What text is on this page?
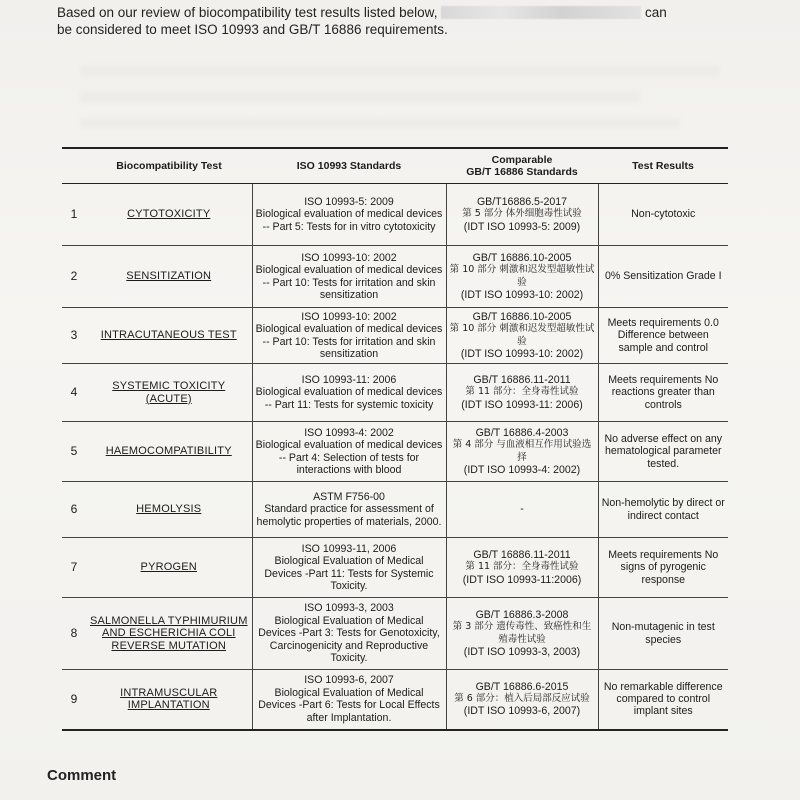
Based on our review of biocompatibility test results listed below,	can
be considered to meet ISO 10993 and GB/T 16886 requirements.
	Biocompatibility Test	ISO 10993 Standards	Comparable
GB/T 16886 Standards	Test Results
1	CYTOTOXICITY	ISO 10993-5: 2009
Biological evaluation of medical devices -- Part 5: Tests for in vitro cytotoxicity	GB/T16886.5-2017
第 5 部分 体外细胞毒性试验
(IDT ISO 10993-5: 2009)	Non-cytotoxic
2	SENSITIZATION	ISO 10993-10: 2002
Biological evaluation of medical devices -- Part 10: Tests for irritation and skin sensitization	GB/T 16886.10-2005
第 10 部分 刺激和迟发型超敏性试验
(IDT ISO 10993-10: 2002)	0% Sensitization Grade I
3	INTRACUTANEOUS TEST	ISO 10993-10: 2002
Biological evaluation of medical devices -- Part 10: Tests for irritation and skin sensitization	GB/T 16886.10-2005
第 10 部分 刺激和迟发型超敏性试验
(IDT ISO 10993-10: 2002)	Meets requirements 0.0 Difference between sample and control
4	SYSTEMIC TOXICITY (ACUTE)	ISO 10993-11: 2006
Biological evaluation of medical devices -- Part 11: Tests for systemic toxicity	GB/T 16886.11-2011
第 11 部分：全身毒性试验
(IDT ISO 10993-11: 2006)	Meets requirements No reactions greater than controls
5	HAEMOCOMPATIBILITY	ISO 10993-4: 2002
Biological evaluation of medical devices -- Part 4: Selection of tests for interactions with blood	GB/T 16886.4-2003
第 4 部分 与血液相互作用试验选择
(IDT ISO 10993-4: 2002)	No adverse effect on any hematological parameter tested.
6	HEMOLYSIS	ASTM F756-00
Standard practice for assessment of hemolytic properties of materials, 2000.	-	Non-hemolytic by direct or indirect contact
7	PYROGEN	ISO 10993-11, 2006
Biological Evaluation of Medical Devices -Part 11: Tests for Systemic Toxicity.	GB/T 16886.11-2011
第 11 部分：全身毒性试验
(IDT ISO 10993-11:2006)	Meets requirements No signs of pyrogenic response
8	SALMONELLA TYPHIMURIUM AND ESCHERICHIA COLI REVERSE MUTATION	ISO 10993-3, 2003
Biological Evaluation of Medical Devices -Part 3: Tests for Genotoxicity, Carcinogenicity and Reproductive Toxicity.	GB/T 16886.3-2008
第 3 部分 遗传毒性、致癌性和生殖毒性试验
(IDT ISO 10993-3, 2003)	Non-mutagenic in test species
9	INTRAMUSCULAR IMPLANTATION	ISO 10993-6, 2007
Biological Evaluation of Medical Devices -Part 6: Tests for Local Effects after Implantation.	GB/T 16886.6-2015
第 6 部分：植入后局部反应试验
(IDT ISO 10993-6, 2007)	No remarkable difference compared to control implant sites
Comment
